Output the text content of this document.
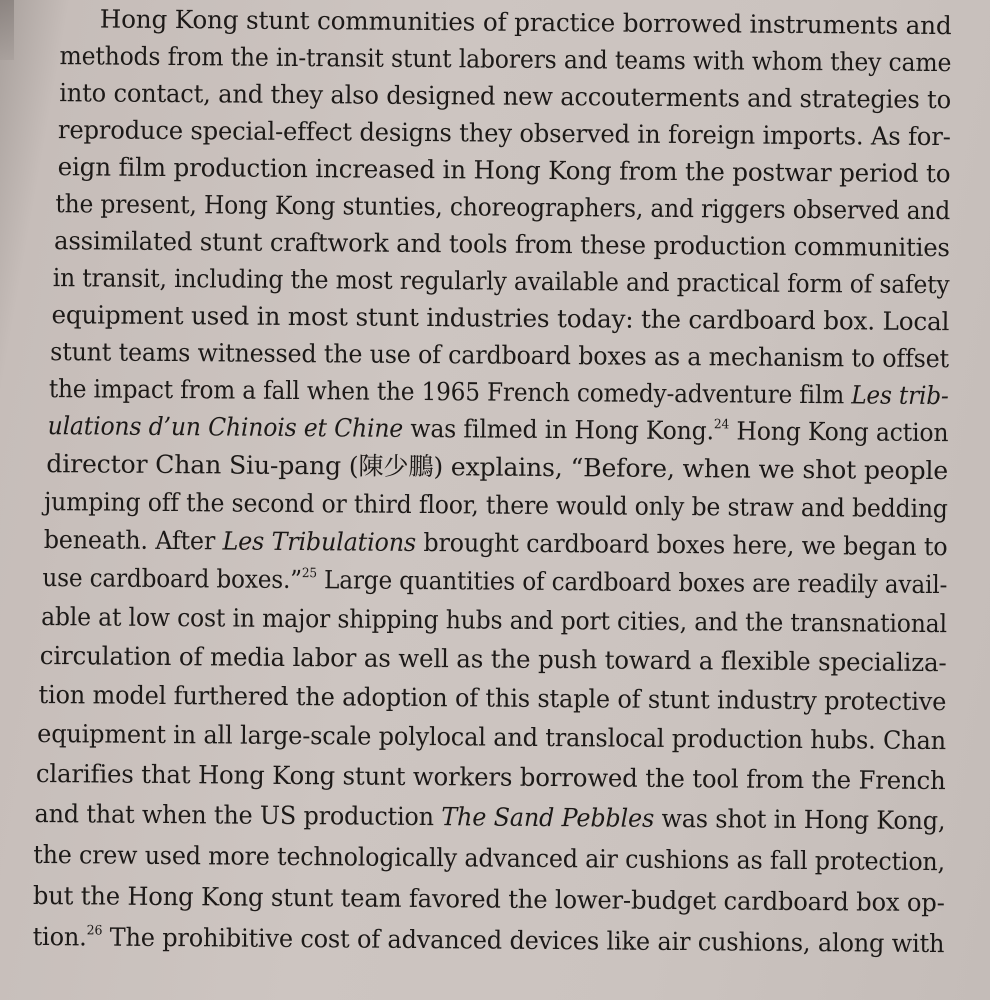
Hong Kong stunt communities of practice borrowed instruments and
methods from the in-transit stunt laborers and teams with whom they came
into contact, and they also designed new accouterments and strategies to
reproduce special-effect designs they observed in foreign imports. As for-
eign film production increased in Hong Kong from the postwar period to
the present, Hong Kong stunties, choreographers, and riggers observed and
assimilated stunt craftwork and tools from these production communities
in transit, including the most regularly available and practical form of safety
equipment used in most stunt industries today: the cardboard box. Local
stunt teams witnessed the use of cardboard boxes as a mechanism to offset
the impact from a fall when the 1965 French comedy-adventure film Les trib-
ulations d’un Chinois et Chine was filmed in Hong Kong.$^{24}$ Hong Kong action
director Chan Siu-pang (陳少鵬) explains, “Before, when we shot people
jumping off the second or third floor, there would only be straw and bedding
beneath. After Les Tribulations brought cardboard boxes here, we began to
use cardboard boxes.”$^{25}$ Large quantities of cardboard boxes are readily avail-
able at low cost in major shipping hubs and port cities, and the transnational
circulation of media labor as well as the push toward a flexible specializa-
tion model furthered the adoption of this staple of stunt industry protective
equipment in all large-scale polylocal and translocal production hubs. Chan
clarifies that Hong Kong stunt workers borrowed the tool from the French
and that when the US production The Sand Pebbles was shot in Hong Kong,
the crew used more technologically advanced air cushions as fall protection,
but the Hong Kong stunt team favored the lower-budget cardboard box op-
tion.$^{26}$ The prohibitive cost of advanced devices like air cushions, along with
